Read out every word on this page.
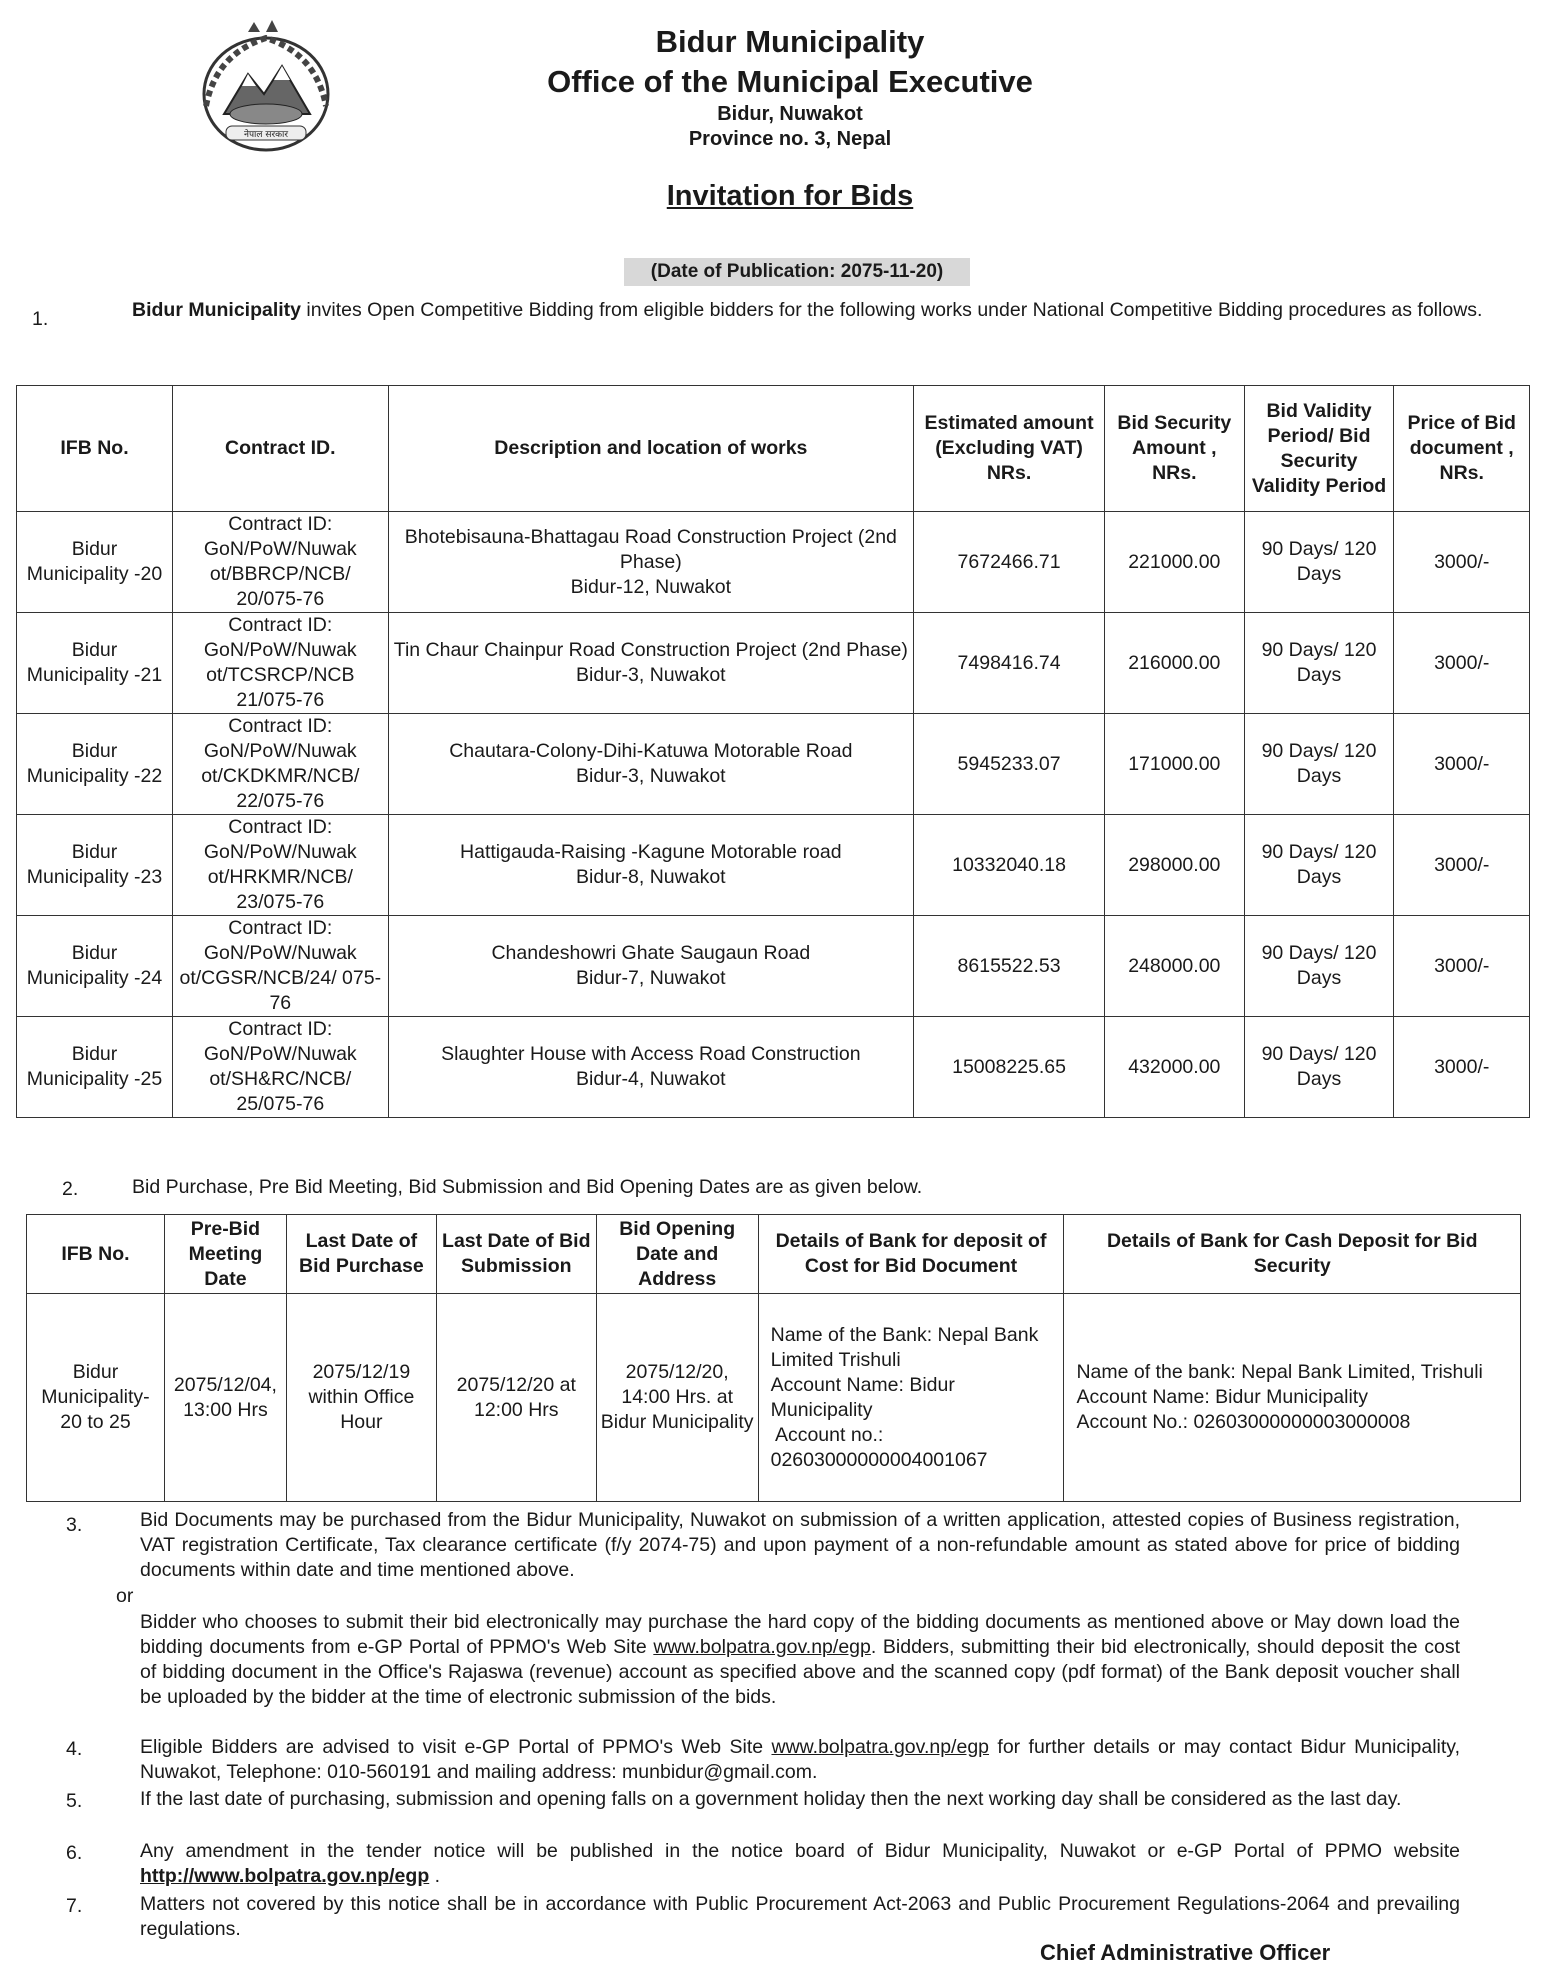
नेपाल सरकार
Bidur Municipality
Office of the Municipal Executive
Bidur, Nuwakot
Province no. 3, Nepal
Invitation for Bids
(Date of Publication: 2075-11-20)
1.	Bidur Municipality invites Open Competitive Bidding from eligible bidders for the following works under National Competitive Bidding procedures as follows.
IFB No.	Contract ID.	Description and location of works	Estimated amount (Excluding VAT) NRs.	Bid Security Amount , NRs.	Bid Validity Period/ Bid Security Validity Period	Price of Bid document , NRs.
Bidur Municipality -20	Contract ID: GoN/PoW/Nuwak ot/BBRCP/NCB/ 20/075-76	Bhotebisauna-Bhattagau Road Construction Project (2nd Phase)
Bidur-12, Nuwakot	7672466.71	221000.00	90 Days/ 120 Days	3000/-
Bidur Municipality -21	Contract ID: GoN/PoW/Nuwak ot/TCSRCP/NCB 21/075-76	Tin Chaur Chainpur Road Construction Project (2nd Phase)
Bidur-3, Nuwakot	7498416.74	216000.00	90 Days/ 120 Days	3000/-
Bidur Municipality -22	Contract ID: GoN/PoW/Nuwak ot/CKDKMR/NCB/ 22/075-76	Chautara-Colony-Dihi-Katuwa Motorable Road
Bidur-3, Nuwakot	5945233.07	171000.00	90 Days/ 120 Days	3000/-
Bidur Municipality -23	Contract ID: GoN/PoW/Nuwak ot/HRKMR/NCB/ 23/075-76	Hattigauda-Raising -Kagune Motorable road
Bidur-8, Nuwakot	10332040.18	298000.00	90 Days/ 120 Days	3000/-
Bidur Municipality -24	Contract ID: GoN/PoW/Nuwak ot/CGSR/NCB/24/ 075-76	Chandeshowri Ghate Saugaun Road
Bidur-7, Nuwakot	8615522.53	248000.00	90 Days/ 120 Days	3000/-
Bidur Municipality -25	Contract ID: GoN/PoW/Nuwak ot/SH&RC/NCB/ 25/075-76	Slaughter House with Access Road Construction
Bidur-4, Nuwakot	15008225.65	432000.00	90 Days/ 120 Days	3000/-
2.	Bid Purchase, Pre Bid Meeting, Bid Submission and Bid Opening Dates are as given below.
IFB No.	Pre-Bid Meeting Date	Last Date of Bid Purchase	Last Date of Bid Submission	Bid Opening Date and Address	Details of Bank for deposit of Cost for Bid Document	Details of Bank for Cash Deposit for Bid Security
Bidur Municipality- 20 to 25	2075/12/04, 13:00 Hrs	2075/12/19 within Office Hour	2075/12/20 at 12:00 Hrs	2075/12/20, 14:00 Hrs. at Bidur Municipality	Name of the Bank: Nepal Bank Limited Trishuli
Account Name: Bidur Municipality
Account no.:
02603000000004001067	Name of the bank: Nepal Bank Limited, Trishuli
Account Name: Bidur Municipality
Account No.: 02603000000003000008
3.	Bid Documents may be purchased from the Bidur Municipality, Nuwakot on submission of a written application, attested copies of Business registration, VAT registration Certificate, Tax clearance certificate (f/y 2074-75) and upon payment of a non-refundable amount as stated above for price of bidding documents within date and time mentioned above.
or
Bidder who chooses to submit their bid electronically may purchase the hard copy of the bidding documents as mentioned above or May down load the bidding documents from e-GP Portal of PPMO's Web Site www.bolpatra.gov.np/egp. Bidders, submitting their bid electronically, should deposit the cost of bidding document in the Office's Rajaswa (revenue) account as specified above and the scanned copy (pdf format) of the Bank deposit voucher shall be uploaded by the bidder at the time of electronic submission of the bids.
4.	Eligible Bidders are advised to visit e-GP Portal of PPMO's Web Site www.bolpatra.gov.np/egp for further details or may contact Bidur Municipality, Nuwakot, Telephone: 010-560191 and mailing address: munbidur@gmail.com.
5.	If the last date of purchasing, submission and opening falls on a government holiday then the next working day shall be considered as the last day.
6.	Any amendment in the tender notice will be published in the notice board of Bidur Municipality, Nuwakot or e-GP Portal of PPMO website http://www.bolpatra.gov.np/egp .
7.	Matters not covered by this notice shall be in accordance with Public Procurement Act-2063 and Public Procurement Regulations-2064 and prevailing regulations.
Chief Administrative Officer
